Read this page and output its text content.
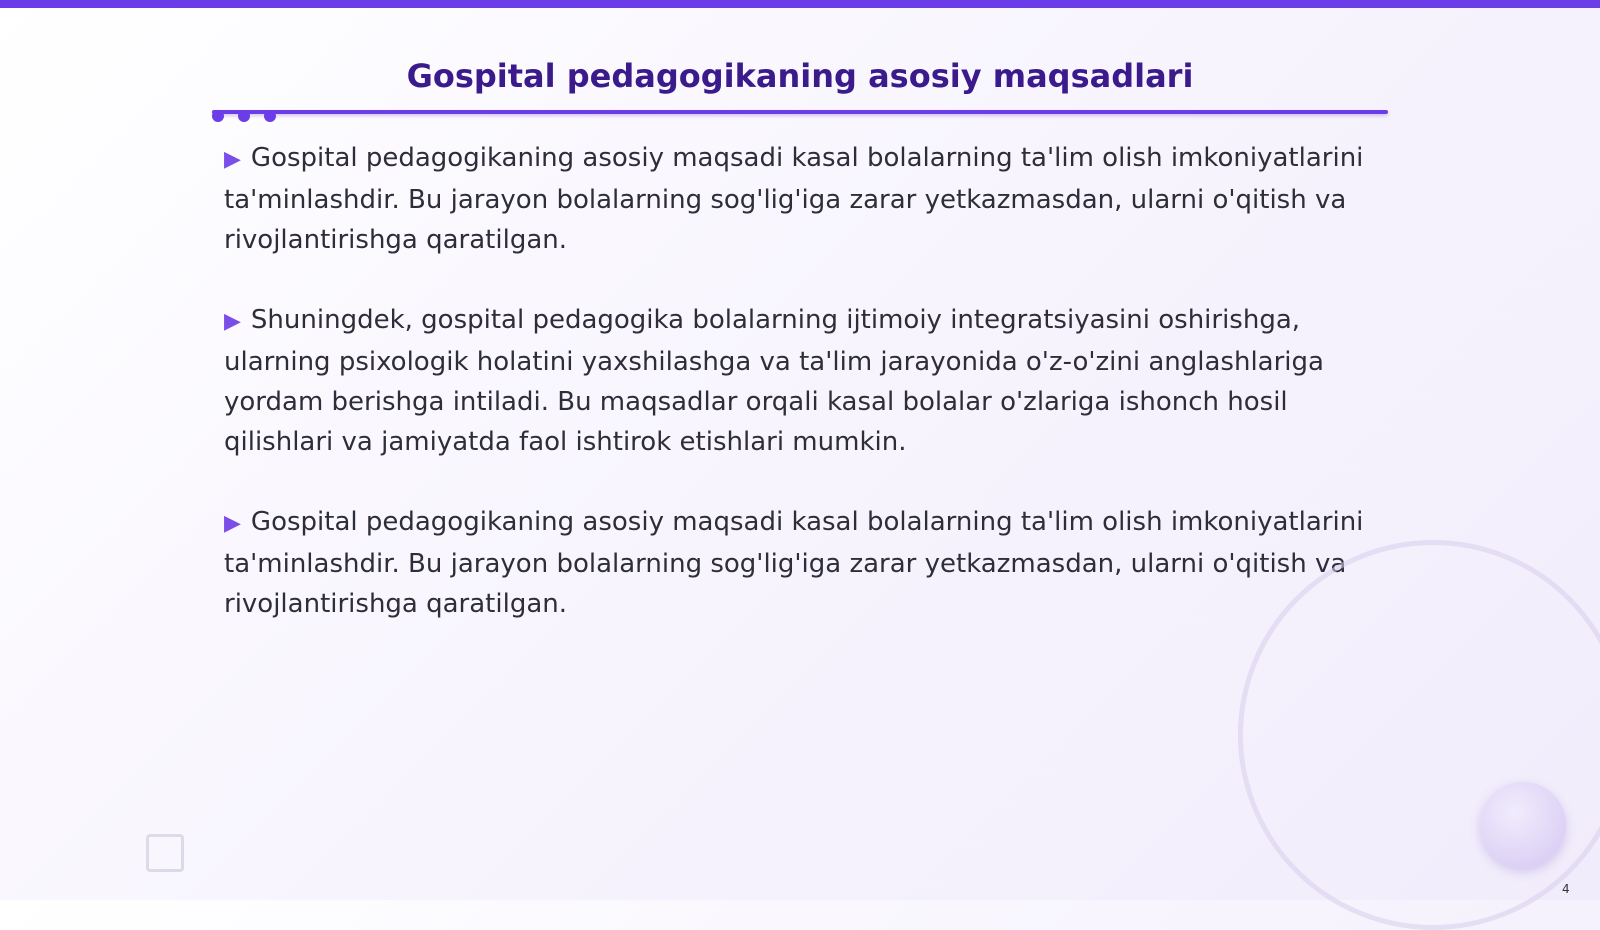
Gospital pedagogikaning asosiy maqsadlari

▶ Gospital pedagogikaning asosiy maqsadi kasal bolalarning ta'lim olish imkoniyatlarini ta'minlashdir. Bu jarayon bolalarning sog'lig'iga zarar yetkazmasdan, ularni o'qitish va rivojlantirishga qaratilgan.

▶ Shuningdek, gospital pedagogika bolalarning ijtimoiy integratsiyasini oshirishga, ularning psixologik holatini yaxshilashga va ta'lim jarayonida o'z-o'zini anglashlariga yordam berishga intiladi. Bu maqsadlar orqali kasal bolalar o'zlariga ishonch hosil qilishlari va jamiyatda faol ishtirok etishlari mumkin.

▶ Gospital pedagogikaning asosiy maqsadi kasal bolalarning ta'lim olish imkoniyatlarini ta'minlashdir. Bu jarayon bolalarning sog'lig'iga zarar yetkazmasdan, ularni o'qitish va rivojlantirishga qaratilgan.

4
